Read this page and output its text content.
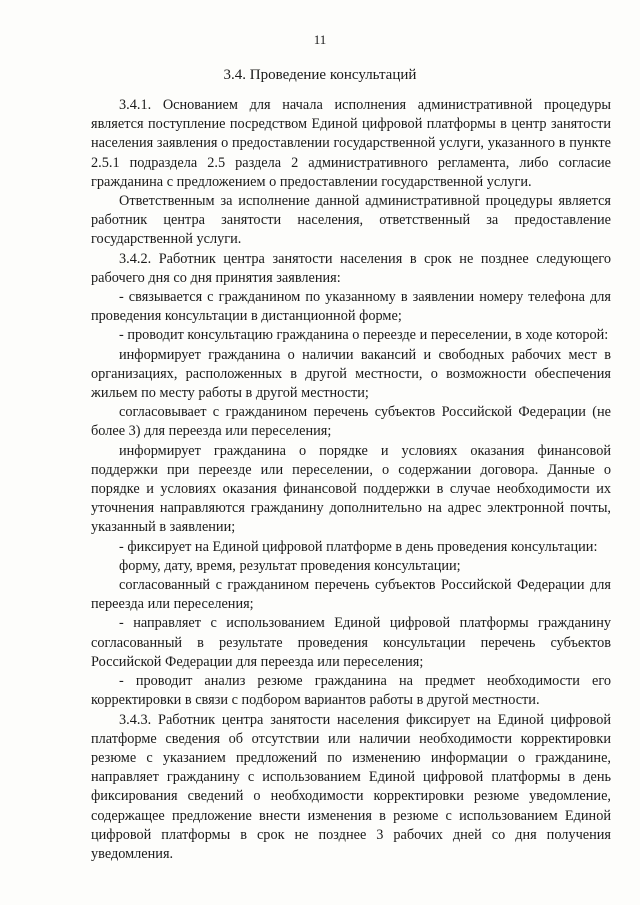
11
3.4. Проведение консультаций

3.4.1. Основанием для начала исполнения административной процедуры является поступление посредством Единой цифровой платформы в центр занятости населения заявления о предоставлении государственной услуги, указанного в пункте 2.5.1 подраздела 2.5 раздела 2 административного регламента, либо согласие гражданина с предложением о предоставлении государственной услуги.

Ответственным за исполнение данной административной процедуры является работник центра занятости населения, ответственный за предоставление государственной услуги.

3.4.2. Работник центра занятости населения в срок не позднее следующего рабочего дня со дня принятия заявления:

- связывается с гражданином по указанному в заявлении номеру телефона для проведения консультации в дистанционной форме;

- проводит консультацию гражданина о переезде и переселении, в ходе которой:

информирует гражданина о наличии вакансий и свободных рабочих мест в организациях, расположенных в другой местности, о возможности обеспечения жильем по месту работы в другой местности;

согласовывает с гражданином перечень субъектов Российской Федерации (не более 3) для переезда или переселения;

информирует гражданина о порядке и условиях оказания финансовой поддержки при переезде или переселении, о содержании договора. Данные о порядке и условиях оказания финансовой поддержки в случае необходимости их уточнения направляются гражданину дополнительно на адрес электронной почты, указанный в заявлении;

- фиксирует на Единой цифровой платформе в день проведения консультации:

форму, дату, время, результат проведения консультации;

согласованный с гражданином перечень субъектов Российской Федерации для переезда или переселения;

- направляет с использованием Единой цифровой платформы гражданину согласованный в результате проведения консультации перечень субъектов Российской Федерации для переезда или переселения;

- проводит анализ резюме гражданина на предмет необходимости его корректировки в связи с подбором вариантов работы в другой местности.

3.4.3. Работник центра занятости населения фиксирует на Единой цифровой платформе сведения об отсутствии или наличии необходимости корректировки резюме с указанием предложений по изменению информации о гражданине, направляет гражданину с использованием Единой цифровой платформы в день фиксирования сведений о необходимости корректировки резюме уведомление, содержащее предложение внести изменения в резюме с использованием Единой цифровой платформы в срок не позднее 3 рабочих дней со дня получения уведомления.
